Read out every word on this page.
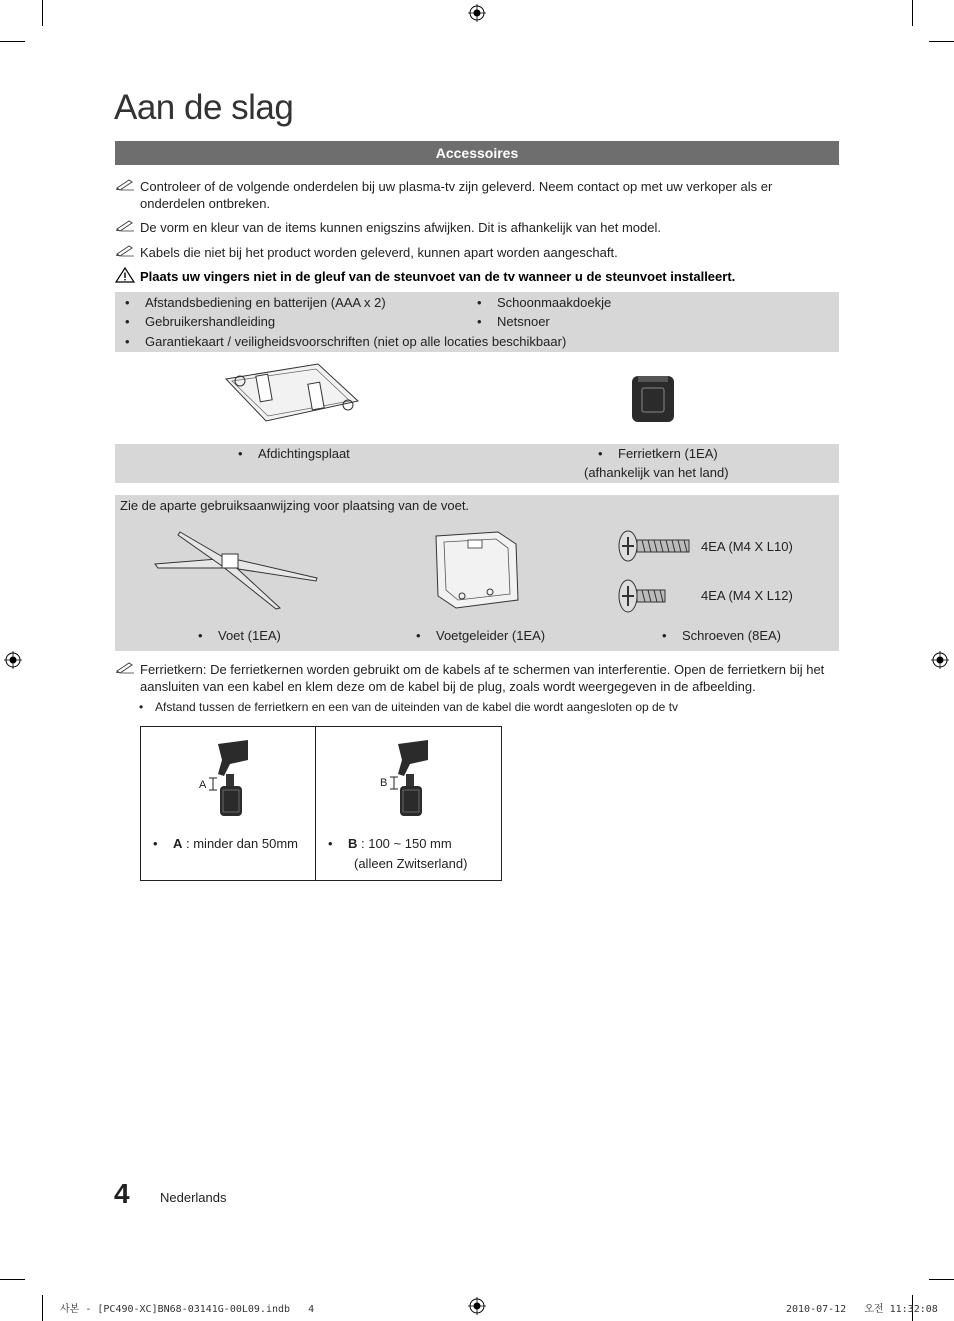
Aan de slag
Accessoires
Controleer of de volgende onderdelen bij uw plasma-tv zijn geleverd. Neem contact op met uw verkoper als er onderdelen ontbreken.
De vorm en kleur van de items kunnen enigszins afwijken. Dit is afhankelijk van het model.
Kabels die niet bij het product worden geleverd, kunnen apart worden aangeschaft.
Plaats uw vingers niet in de gleuf van de steunvoet van de tv wanneer u de steunvoet installeert.
• Afstandsbediening en batterijen (AAA x 2)
• Gebruikershandleiding
• Schoonmaakdoekje
• Netsnoer
• Garantiekaart / veiligheidsvoorschriften (niet op alle locaties beschikbaar)
• Afdichtingsplaat	• Ferrietkern (1EA)
(afhankelijk van het land)
Zie de aparte gebruiksaanwijzing voor plaatsing van de voet.
4EA (M4 X L10)
4EA (M4 X L12)
• Voet (1EA)	• Voetgeleider (1EA)	• Schroeven (8EA)
Ferrietkern: De ferrietkernen worden gebruikt om de kabels af te schermen van interferentie. Open de ferrietkern bij het aansluiten van een kabel en klem deze om de kabel bij de plug, zoals wordt weergegeven in de afbeelding.
• Afstand tussen de ferrietkern en een van de uiteinden van de kabel die wordt aangesloten op de tv
A	B
• A : minder dan 50mm • B : 100 ~ 150 mm
(alleen Zwitserland)
4 Nederlands
사본 - [PC490-XC]BN68-03141G-00L09.indb   4	2010-07-12   오전 11:32:08
